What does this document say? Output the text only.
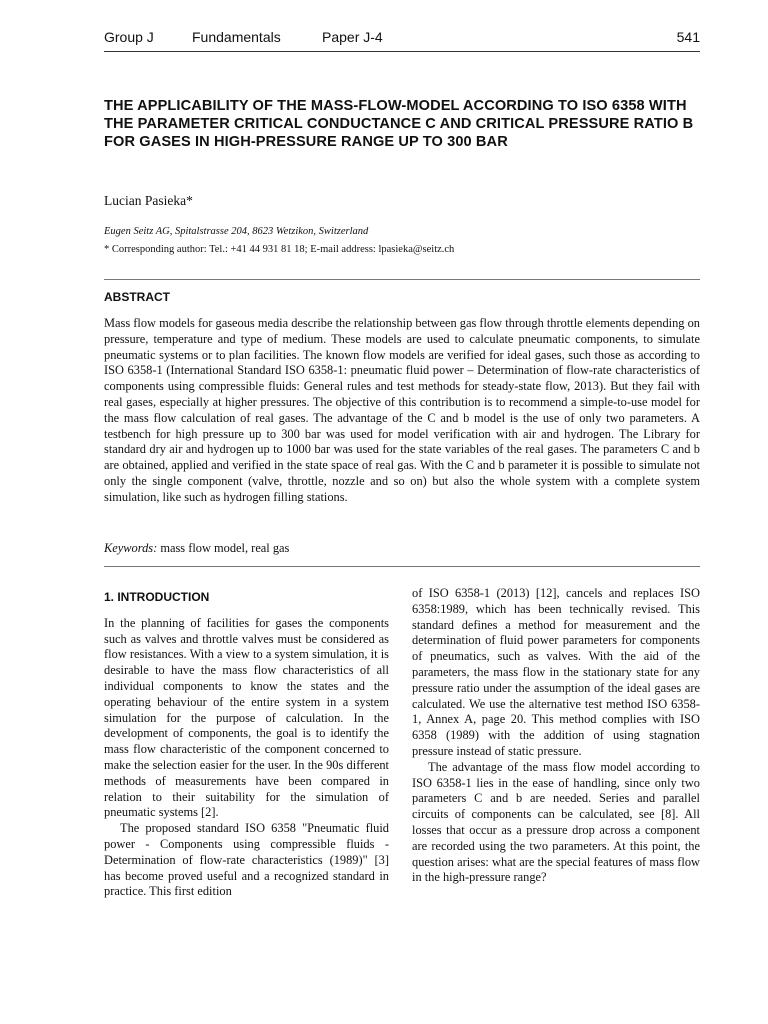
Group J	Fundamentals	Paper J-4	541
THE APPLICABILITY OF THE MASS-FLOW-MODEL ACCORDING TO ISO 6358 WITH THE PARAMETER CRITICAL CONDUCTANCE C AND CRITICAL PRESSURE RATIO B FOR GASES IN HIGH-PRESSURE RANGE UP TO 300 BAR
Lucian Pasieka*
Eugen Seitz AG, Spitalstrasse 204, 8623 Wetzikon, Switzerland
* Corresponding author: Tel.: +41 44 931 81 18; E-mail address: lpasieka@seitz.ch
ABSTRACT

Mass flow models for gaseous media describe the relationship between gas flow through throttle elements depending on pressure, temperature and type of medium. These models are used to calculate pneumatic components, to simulate pneumatic systems or to plan facilities. The known flow models are verified for ideal gases, such those as according to ISO 6358-1 (International Standard ISO 6358-1: pneumatic fluid power – Determination of flow-rate characteristics of components using compressible fluids: General rules and test methods for steady-state flow, 2013). But they fail with real gases, especially at higher pressures. The objective of this contribution is to recommend a simple-to-use model for the mass flow calculation of real gases. The advantage of the C and b model is the use of only two parameters. A testbench for high pressure up to 300 bar was used for model verification with air and hydrogen. The Library for standard dry air and hydrogen up to 1000 bar was used for the state variables of the real gases. The parameters C and b are obtained, applied and verified in the state space of real gas. With the C and b parameter it is possible to simulate not only the single component (valve, throttle, nozzle and so on) but also the whole system with a complete system simulation, like such as hydrogen filling stations.

Keywords: mass flow model, real gas
1. INTRODUCTION

In the planning of facilities for gases the components such as valves and throttle valves must be considered as flow resistances. With a view to a system simulation, it is desirable to have the mass flow characteristics of all individual components to know the states and the operating behaviour of the entire system in a system simulation for the purpose of calculation. In the development of components, the goal is to identify the mass flow characteristic of the component concerned to make the selection easier for the user. In the 90s different methods of measurements have been compared in relation to their suitability for the simulation of pneumatic systems [2].

The proposed standard ISO 6358 "Pneumatic fluid power - Components using compressible fluids - Determination of flow-rate characteristics (1989)" [3] has become proved useful and a recognized standard in practice. This first edition

of ISO 6358-1 (2013) [12], cancels and replaces ISO 6358:1989, which has been technically revised. This standard defines a method for measurement and the determination of fluid power parameters for components of pneumatics, such as valves. With the aid of the parameters, the mass flow in the stationary state for any pressure ratio under the assumption of the ideal gases are calculated. We use the alternative test method ISO 6358-1, Annex A, page 20. This method complies with ISO 6358 (1989) with the addition of using stagnation pressure instead of static pressure.

The advantage of the mass flow model according to ISO 6358-1 lies in the ease of handling, since only two parameters C and b are needed. Series and parallel circuits of components can be calculated, see [8]. All losses that occur as a pressure drop across a component are recorded using the two parameters. At this point, the question arises: what are the special features of mass flow in the high-pressure range?
